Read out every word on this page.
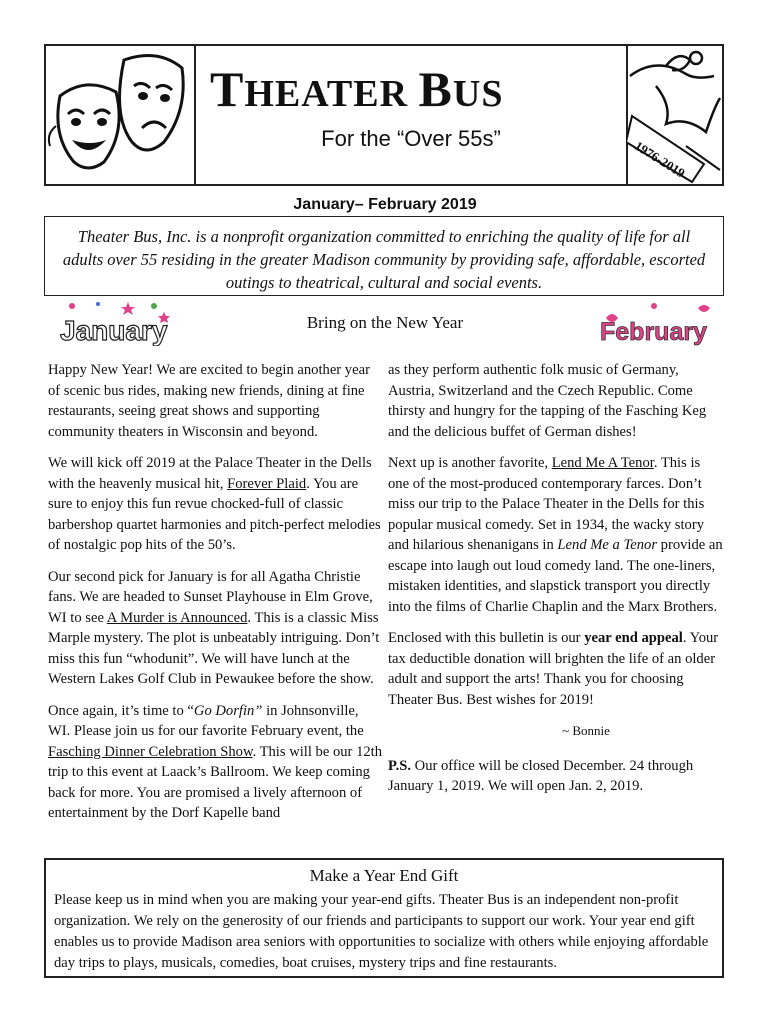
THEATER BUS
For the “Over 55s”	1976-2019
January– February 2019
Theater Bus, Inc. is a nonprofit organization committed to enriching the quality of life for all adults over 55 residing in the greater Madison community by providing safe, affordable, escorted outings to theatrical, cultural and social events.
January	Bring on the New Year	February

Happy New Year! We are excited to begin another year of scenic bus rides, making new friends, dining at fine restaurants, seeing great shows and supporting community theaters in Wisconsin and beyond.

We will kick off 2019 at the Palace Theater in the Dells with the heavenly musical hit, Forever Plaid. You are sure to enjoy this fun revue chocked-full of classic barbershop quartet harmonies and pitch-perfect melodies of nostalgic pop hits of the 50’s.

Our second pick for January is for all Agatha Christie fans. We are headed to Sunset Playhouse in Elm Grove, WI to see A Murder is Announced. This is a classic Miss Marple mystery. The plot is unbeatably intriguing. Don’t miss this fun “whodunit”. We will have lunch at the Western Lakes Golf Club in Pewaukee before the show.

Once again, it’s time to “Go Dorfin” in Johnsonville, WI. Please join us for our favorite February event, the Fasching Dinner Celebration Show. This will be our 12th trip to this event at Laack’s Ballroom. We keep coming back for more. You are promised a lively afternoon of entertainment by the Dorf Kapelle band

as they perform authentic folk music of Germany, Austria, Switzerland and the Czech Republic. Come thirsty and hungry for the tapping of the Fasching Keg and the delicious buffet of German dishes!

Next up is another favorite, Lend Me A Tenor. This is one of the most-produced contemporary farces. Don’t miss our trip to the Palace Theater in the Dells for this popular musical comedy. Set in 1934, the wacky story and hilarious shenanigans in Lend Me a Tenor provide an escape into laugh out loud comedy land. The one-liners, mistaken identities, and slapstick transport you directly into the films of Charlie Chaplin and the Marx Brothers.

Enclosed with this bulletin is our year end appeal. Your tax deductible donation will brighten the life of an older adult and support the arts! Thank you for choosing Theater Bus. Best wishes for 2019!

~ Bonnie

P.S. Our office will be closed December. 24 through January 1, 2019. We will open Jan. 2, 2019.

Make a Year End Gift
Please keep us in mind when you are making your year-end gifts. Theater Bus is an independent non-profit organization. We rely on the generosity of our friends and participants to support our work. Your year end gift enables us to provide Madison area seniors with opportunities to socialize with others while enjoying affordable day trips to plays, musicals, comedies, boat cruises, mystery trips and fine restaurants.
